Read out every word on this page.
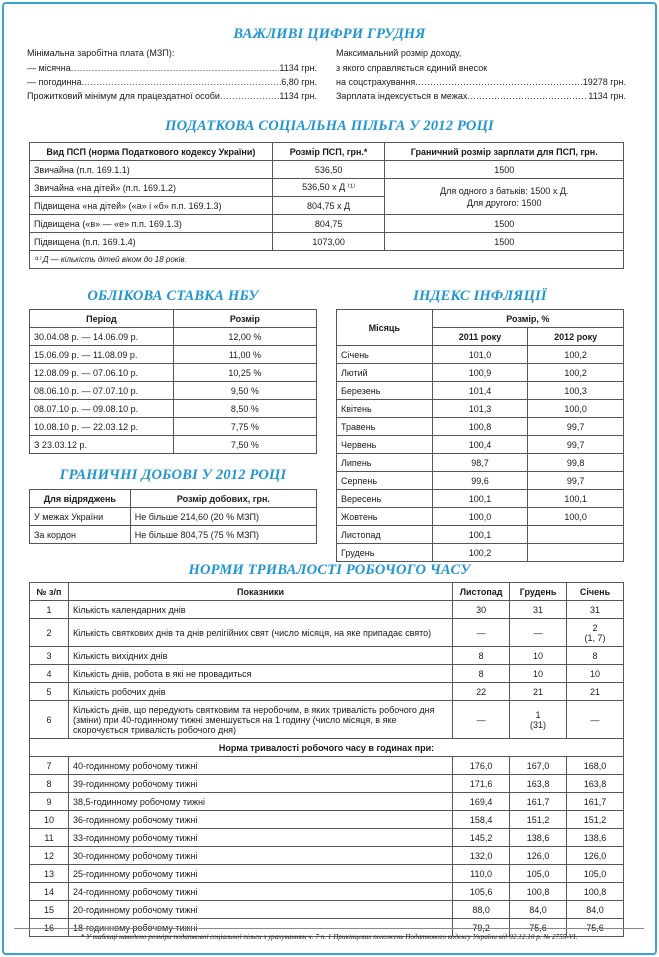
ВАЖЛИВІ ЦИФРИ ГРУДНЯ
Мінімальна заробітна плата (МЗП):
— місячна .....	1134 грн.
— погодинна .....	6,80 грн.
Прожитковий мінімум для працездатної особи .....	1134 грн.
Максимальний розмір доходу,
з якого справляється єдиний внесок
на соцстрахування .....	19278 грн.
Зарплата індексується в межах .....	1134 грн.
ПОДАТКОВА СОЦІАЛЬНА ПІЛЬГА У 2012 РОЦІ
Вид ПСП (норма Податкового кодексу України)	Розмір ПСП, грн.*	Граничний розмір зарплати для ПСП, грн.
Звичайна (п.п. 169.1.1)	536,50	1500
Звичайна «на дітей» (п.п. 169.1.2)	536,50 х Д ⁽¹⁾	Для одного з батьків: 1500 х Д.
Для другого: 1500

Підвищена «на дітей» («а» і «б» п.п. 169.1.3)	804,75 х Д	
Підвищена («в» — «е» п.п. 169.1.3)	804,75	1500
Підвищена (п.п. 169.1.4)	1073,00	1500
⁽¹⁾ Д — кількість дітей віком до 18 років.		
ОБЛІКОВА СТАВКА НБУ
Період	Розмір
30.04.08 р. — 14.06.09 р.	12,00 %
15.06.09 р. — 11.08.09 р.	11,00 %
12.08.09 р. — 07.06.10 р.	10,25 %
08.06.10 р. — 07.07.10 р.	9,50 %
08.07.10 р. — 09.08.10 р.	8,50 %
10.08.10 р. — 22.03.12 р.	7,75 %
З 23.03.12 р.	7,50 %
ГРАНИЧНІ ДОБОВІ У 2012 РОЦІ
Для відряджень	Розмір добових, грн.
У межах України	Не більше 214,60 (20 % МЗП)
За кордон	Не більше 804,75 (75 % МЗП)
ІНДЕКС ІНФЛЯЦІЇ
Місяць	Розмір, %	
	2011 року	2012 року
Січень	101,0	100,2
Лютий	100,9	100,2
Березень	101,4	100,3
Квітень	101,3	100,0
Травень	100,8	99,7
Червень	100,4	99,7
Липень	98,7	99,8
Серпень	99,6	99,7
Вересень	100,1	100,1
Жовтень	100,0	100,0
Листопад	100,1	
Грудень	100,2	
НОРМИ ТРИВАЛОСТІ РОБОЧОГО ЧАСУ
№ з/п	Показники	Листопад	Грудень	Січень
1	Кількість календарних днів	30	31	31
2	Кількість святкових днів та днів релігійних свят (число місяця, на яке припадає свято)	—	—	2
(1, 7)
3	Кількість вихідних днів	8	10	8
4	Кількість днів, робота в які не провадиться	8	10	10
5	Кількість робочих днів	22	21	21
6	Кількість днів, що передують святковим та неробочим, в яких тривалість робочого дня (зміни) при 40-годинному тижні зменшується на 1 годину (число місяця, в яке скорочується тривалість робочого дня)	—	1
(31)	—
Норма тривалості робочого часу в годинах при:				
7	40-годинному робочому тижні	176,0	167,0	168,0
8	39-годинному робочому тижні	171,6	163,8	163,8
9	38,5-годинному робочому тижні	169,4	161,7	161,7
10	36-годинному робочому тижні	158,4	151,2	151,2
11	33-годинному робочому тижні	145,2	138,6	138,6
12	30-годинному робочому тижні	132,0	126,0	126,0
13	25-годинному робочому тижні	110,0	105,0	105,0
14	24-годинному робочому тижні	105,6	100,8	100,8
15	20-годинному робочому тижні	88,0	84,0	84,0
16	18-годинному робочому тижні	79,2	75,6	75,6
* У таблиці наведено розміри податкової соціальної пільги з урахуванням ч. 7 п. 1 Прикінцевих положень Податкового кодексу України від 02.12.10 р. № 2755-VI.
